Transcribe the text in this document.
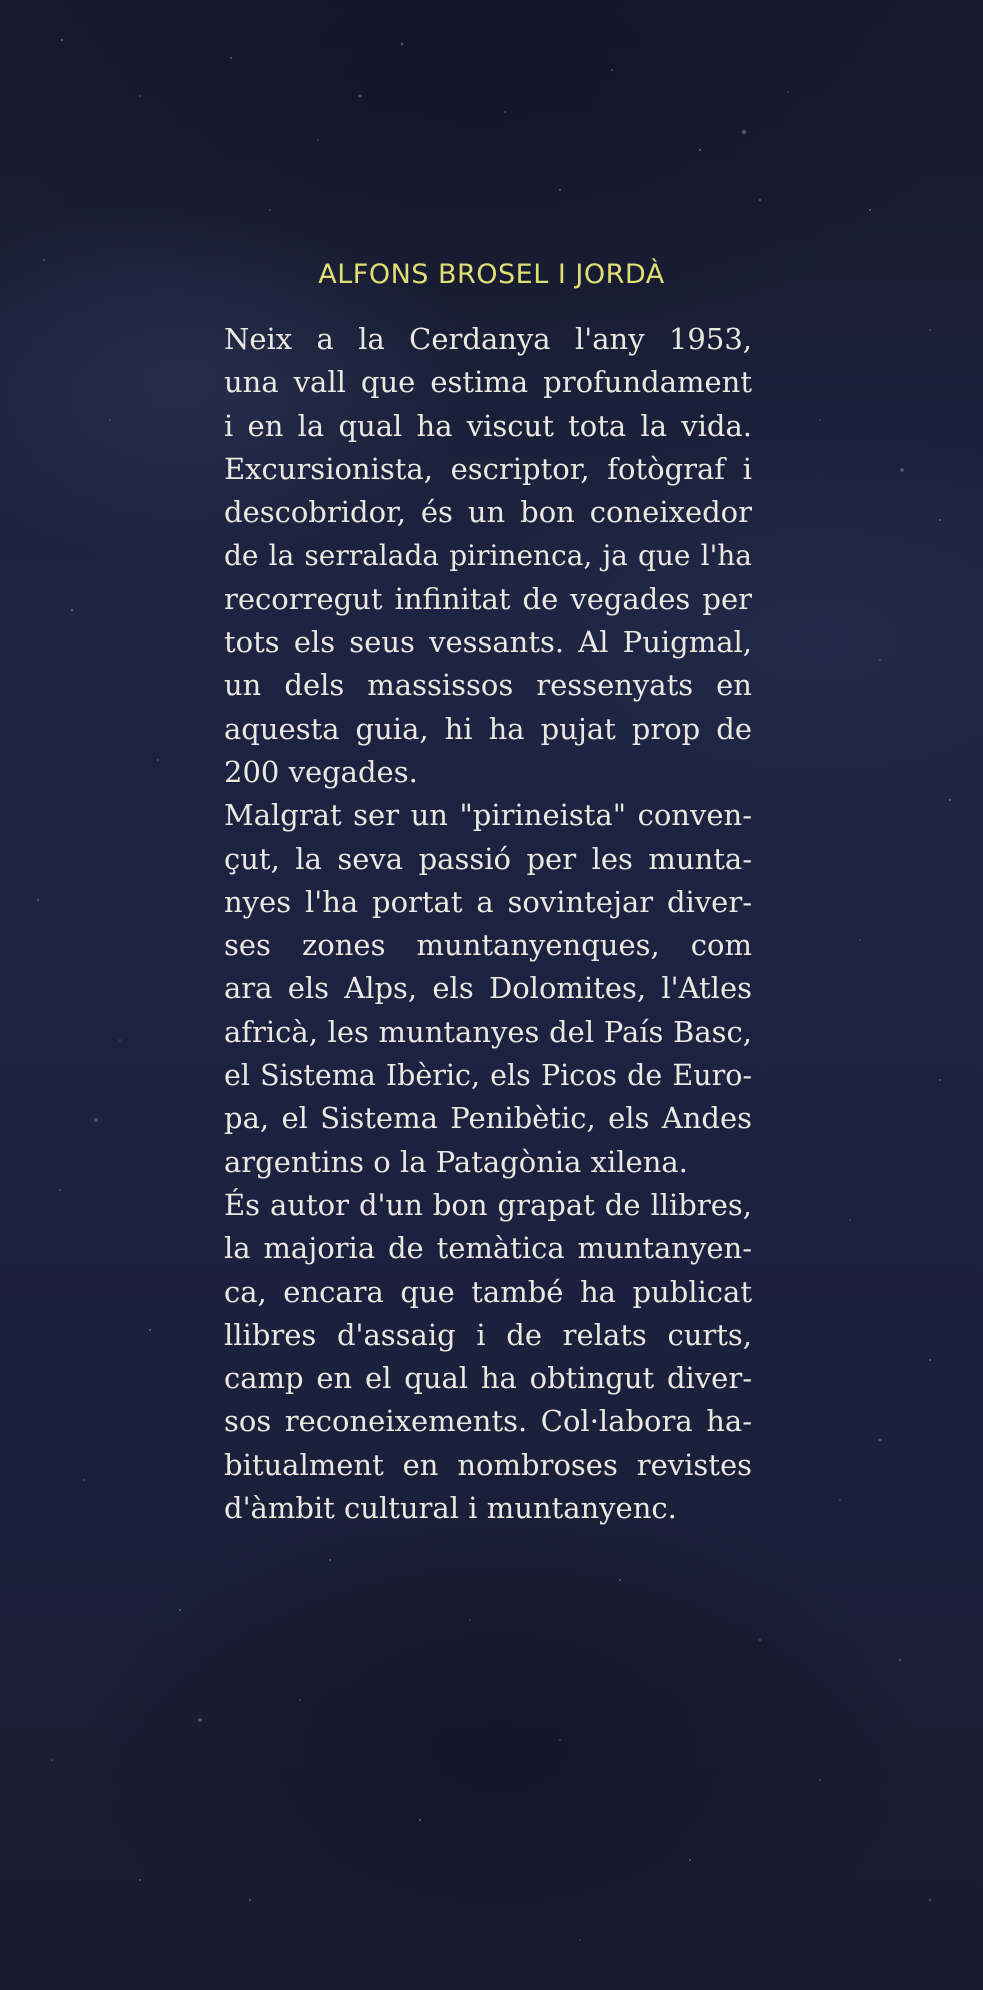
ALFONS BROSEL I JORDÀ
Neix a la Cerdanya l'any 1953,
una vall que estima profundament
i en la qual ha viscut tota la vida.
Excursionista, escriptor, fotògraf i
descobridor, és un bon coneixedor
de la serralada pirinenca, ja que l'ha
recorregut infinitat de vegades per
tots els seus vessants. Al Puigmal,
un dels massissos ressenyats en
aquesta guia, hi ha pujat prop de
200 vegades.
Malgrat ser un "pirineista" conven-
çut, la seva passió per les munta-
nyes l'ha portat a sovintejar diver-
ses zones muntanyenques, com
ara els Alps, els Dolomites, l'Atles
africà, les muntanyes del País Basc,
el Sistema Ibèric, els Picos de Euro-
pa, el Sistema Penibètic, els Andes
argentins o la Patagònia xilena.
És autor d'un bon grapat de llibres,
la majoria de temàtica muntanyen-
ca, encara que també ha publicat
llibres d'assaig i de relats curts,
camp en el qual ha obtingut diver-
sos reconeixements. Col·labora ha-
bitualment en nombroses revistes
d'àmbit cultural i muntanyenc.
